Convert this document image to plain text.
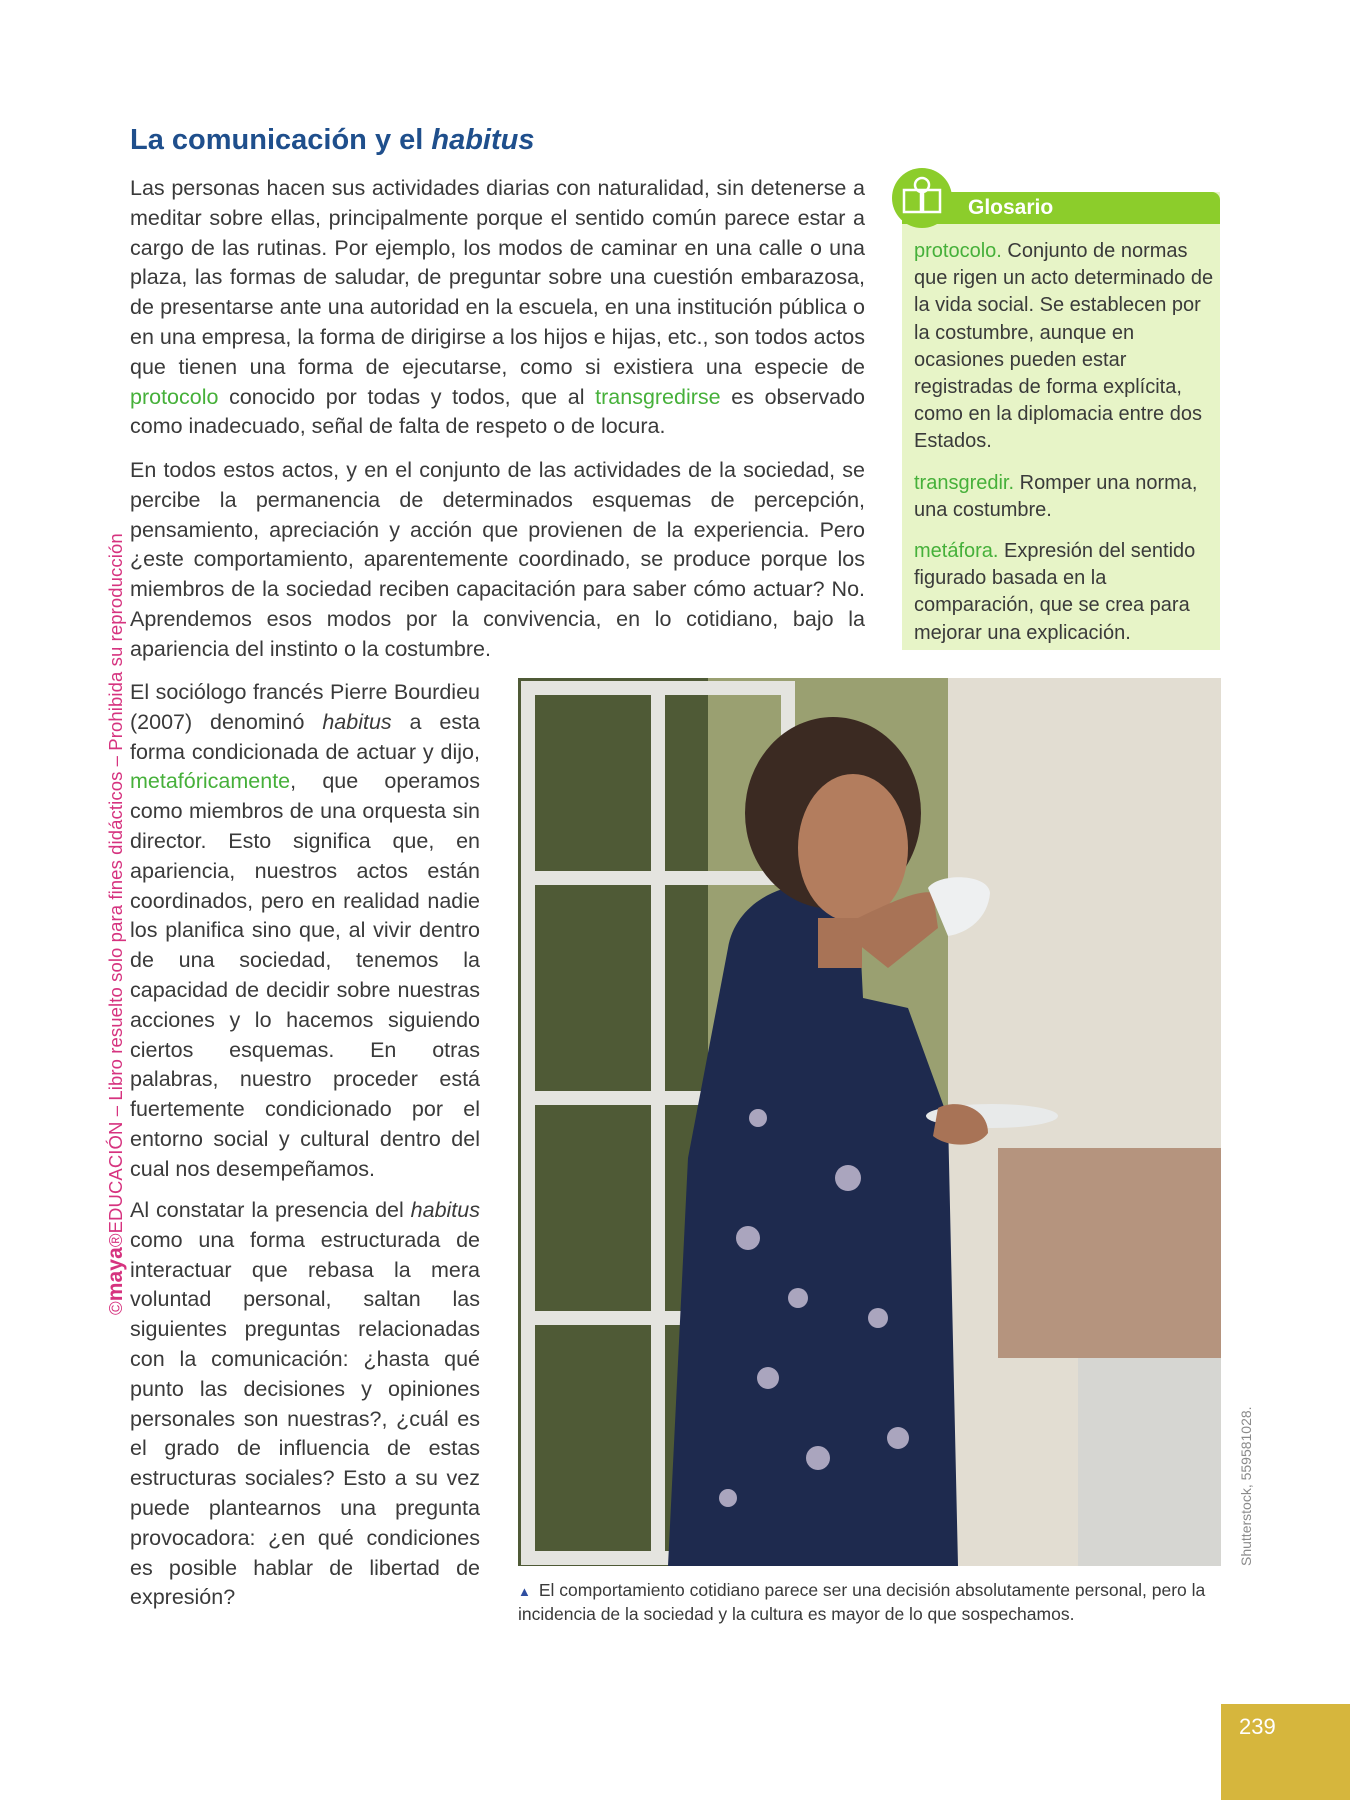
La comunicación y el habitus

Las personas hacen sus actividades diarias con naturalidad, sin detenerse a meditar sobre ellas, principalmente porque el sentido común parece estar a cargo de las rutinas. Por ejemplo, los modos de caminar en una calle o una plaza, las formas de saludar, de preguntar sobre una cuestión embarazosa, de presentarse ante una autoridad en la escuela, en una institución pública o en una empresa, la forma de dirigirse a los hijos e hijas, etc., son todos actos que tienen una forma de ejecutarse, como si existiera una especie de protocolo conocido por todas y todos, que al transgredirse es observado como inadecuado, señal de falta de respeto o de locura.

En todos estos actos, y en el conjunto de las actividades de la sociedad, se percibe la permanencia de determinados esquemas de percepción, pensamiento, apreciación y acción que provienen de la experiencia. Pero ¿este comportamiento, aparentemente coordinado, se produce porque los miembros de la sociedad reciben capacitación para saber cómo actuar? No. Aprendemos esos modos por la convivencia, en lo cotidiano, bajo la apariencia del instinto o la costumbre.

El sociólogo francés Pierre Bourdieu (2007) denominó habitus a esta forma condicionada de actuar y dijo, metafóricamente, que operamos como miembros de una orquesta sin director. Esto significa que, en apariencia, nuestros actos están coordinados, pero en realidad nadie los planifica sino que, al vivir dentro de una sociedad, tenemos la capacidad de decidir sobre nuestras acciones y lo hacemos siguiendo ciertos esquemas. En otras palabras, nuestro proceder está fuertemente condicionado por el entorno social y cultural dentro del cual nos desempeñamos.

Al constatar la presencia del habitus como una forma estructurada de interactuar que rebasa la mera voluntad personal, saltan las siguientes preguntas relacionadas con la comunicación: ¿hasta qué punto las decisiones y opiniones personales son nuestras?, ¿cuál es el grado de influencia de estas estructuras sociales? Esto a su vez puede plantearnos una pregunta provocadora: ¿en qué condiciones es posible hablar de libertad de expresión?

©maya®EDUCACIÓN – Libro resuelto solo para fines didácticos – Prohibida su reproducción
Glosario

protocolo. Conjunto de normas que rigen un acto determinado de la vida social. Se establecen por la costumbre, aunque en ocasiones pueden estar registradas de forma explícita, como en la diplomacia entre dos Estados.

transgredir. Romper una norma, una costumbre.

metáfora. Expresión del sentido figurado basada en la comparación, que se crea para mejorar una explicación.

Shutterstock, 559581028.
▲ El comportamiento cotidiano parece ser una decisión absolutamente personal, pero la incidencia de la sociedad y la cultura es mayor de lo que sospechamos.
239
